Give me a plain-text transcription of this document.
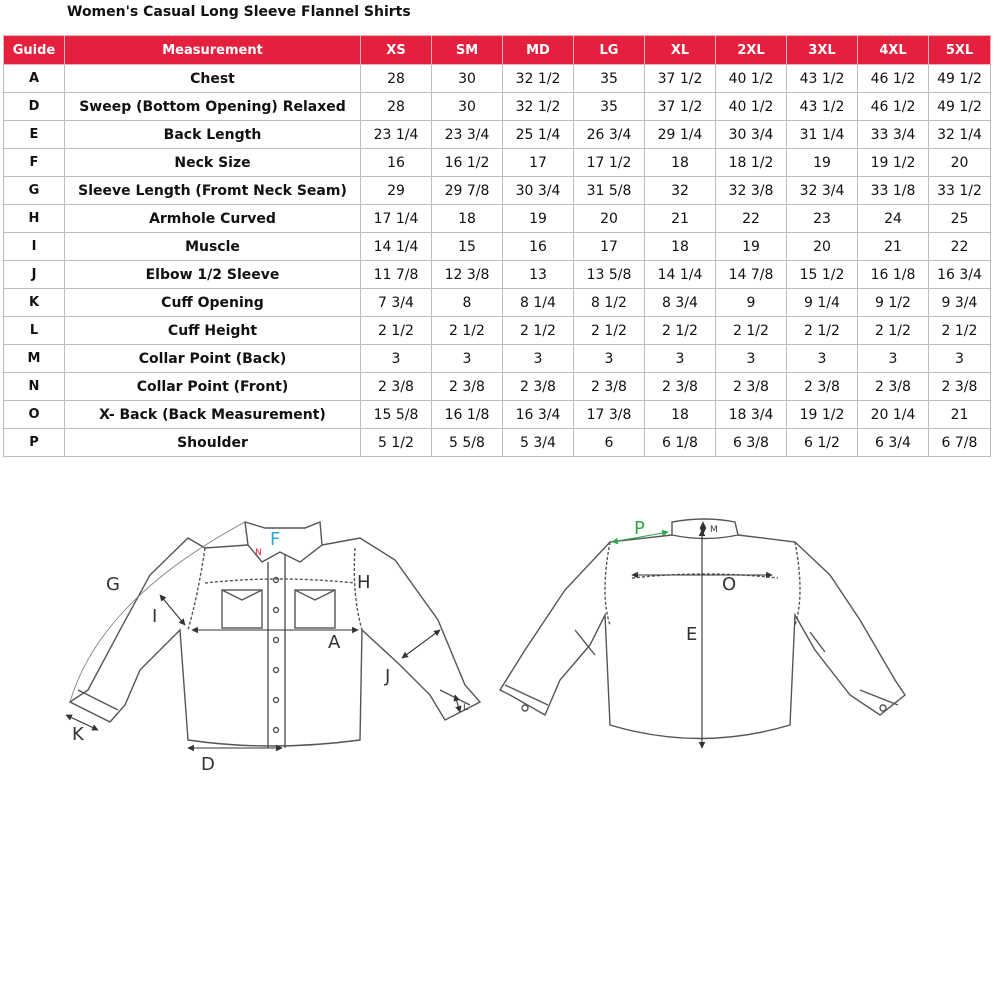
Women's Casual Long Sleeve Flannel Shirts
Guide	Measurement	XS	SM	MD	LG	XL	2XL	3XL	4XL	5XL
A	Chest	28	30	32 1/2	35	37 1/2	40 1/2	43 1/2	46 1/2	49 1/2
D	Sweep (Bottom Opening) Relaxed	28	30	32 1/2	35	37 1/2	40 1/2	43 1/2	46 1/2	49 1/2
E	Back Length	23 1/4	23 3/4	25 1/4	26 3/4	29 1/4	30 3/4	31 1/4	33 3/4	32 1/4
F	Neck Size	16	16 1/2	17	17 1/2	18	18 1/2	19	19 1/2	20
G	Sleeve Length (Fromt Neck Seam)	29	29 7/8	30 3/4	31 5/8	32	32 3/8	32 3/4	33 1/8	33 1/2
H	Armhole Curved	17 1/4	18	19	20	21	22	23	24	25
I	Muscle	14 1/4	15	16	17	18	19	20	21	22
J	Elbow 1/2 Sleeve	11 7/8	12 3/8	13	13 5/8	14 1/4	14 7/8	15 1/2	16 1/8	16 3/4
K	Cuff Opening	7 3/4	8	8 1/4	8 1/2	8 3/4	9	9 1/4	9 1/2	9 3/4
L	Cuff Height	2 1/2	2 1/2	2 1/2	2 1/2	2 1/2	2 1/2	2 1/2	2 1/2	2 1/2
M	Collar Point (Back)	3	3	3	3	3	3	3	3	3
N	Collar Point (Front)	2 3/8	2 3/8	2 3/8	2 3/8	2 3/8	2 3/8	2 3/8	2 3/8	2 3/8
O	X- Back (Back Measurement)	15 5/8	16 1/8	16 3/4	17 3/8	18	18 3/4	19 1/2	20 1/4	21
P	Shoulder	5 1/2	5 5/8	5 3/4	6	6 1/8	6 3/8	6 1/2	6 3/4	6 7/8
F
N
G	H
I
A
J
K
L
D
P	M
O
E
